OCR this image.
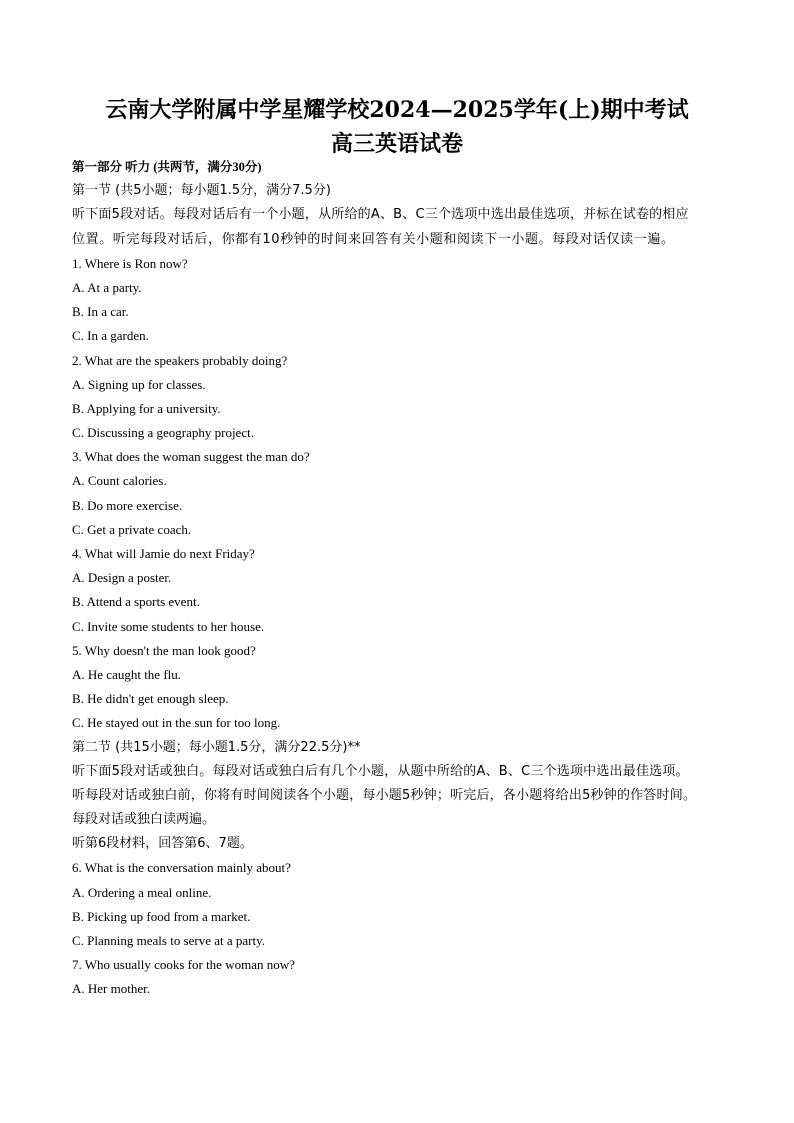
云南大学附属中学星耀学校2024—2025学年(上)期中考试
高三英语试卷
第一部分 听力 (共两节，满分30分)
第一节 (共5小题；每小题1.5分，满分7.5分)
听下面5段对话。每段对话后有一个小题，从所给的A、B、C三个选项中选出最佳选项，并标在试卷的相应
位置。听完每段对话后，你都有10秒钟的时间来回答有关小题和阅读下一小题。每段对话仅读一遍。
1. Where is Ron now?
A. At a party.
B. In a car.
C. In a garden.
2. What are the speakers probably doing?
A. Signing up for classes.
B. Applying for a university.
C. Discussing a geography project.
3. What does the woman suggest the man do?
A. Count calories.
B. Do more exercise.
C. Get a private coach.
4. What will Jamie do next Friday?
A. Design a poster.
B. Attend a sports event.
C. Invite some students to her house.
5. Why doesn't the man look good?
A. He caught the flu.
B. He didn't get enough sleep.
C. He stayed out in the sun for too long.
第二节 (共15小题；每小题1.5分，满分22.5分)**
听下面5段对话或独白。每段对话或独白后有几个小题，从题中所给的A、B、C三个选项中选出最佳选项。
听每段对话或独白前，你将有时间阅读各个小题，每小题5秒钟；听完后，各小题将给出5秒钟的作答时间。
每段对话或独白读两遍。
听第6段材料，回答第6、7题。
6. What is the conversation mainly about?
A. Ordering a meal online.
B. Picking up food from a market.
C. Planning meals to serve at a party.
7. Who usually cooks for the woman now?
A. Her mother.
